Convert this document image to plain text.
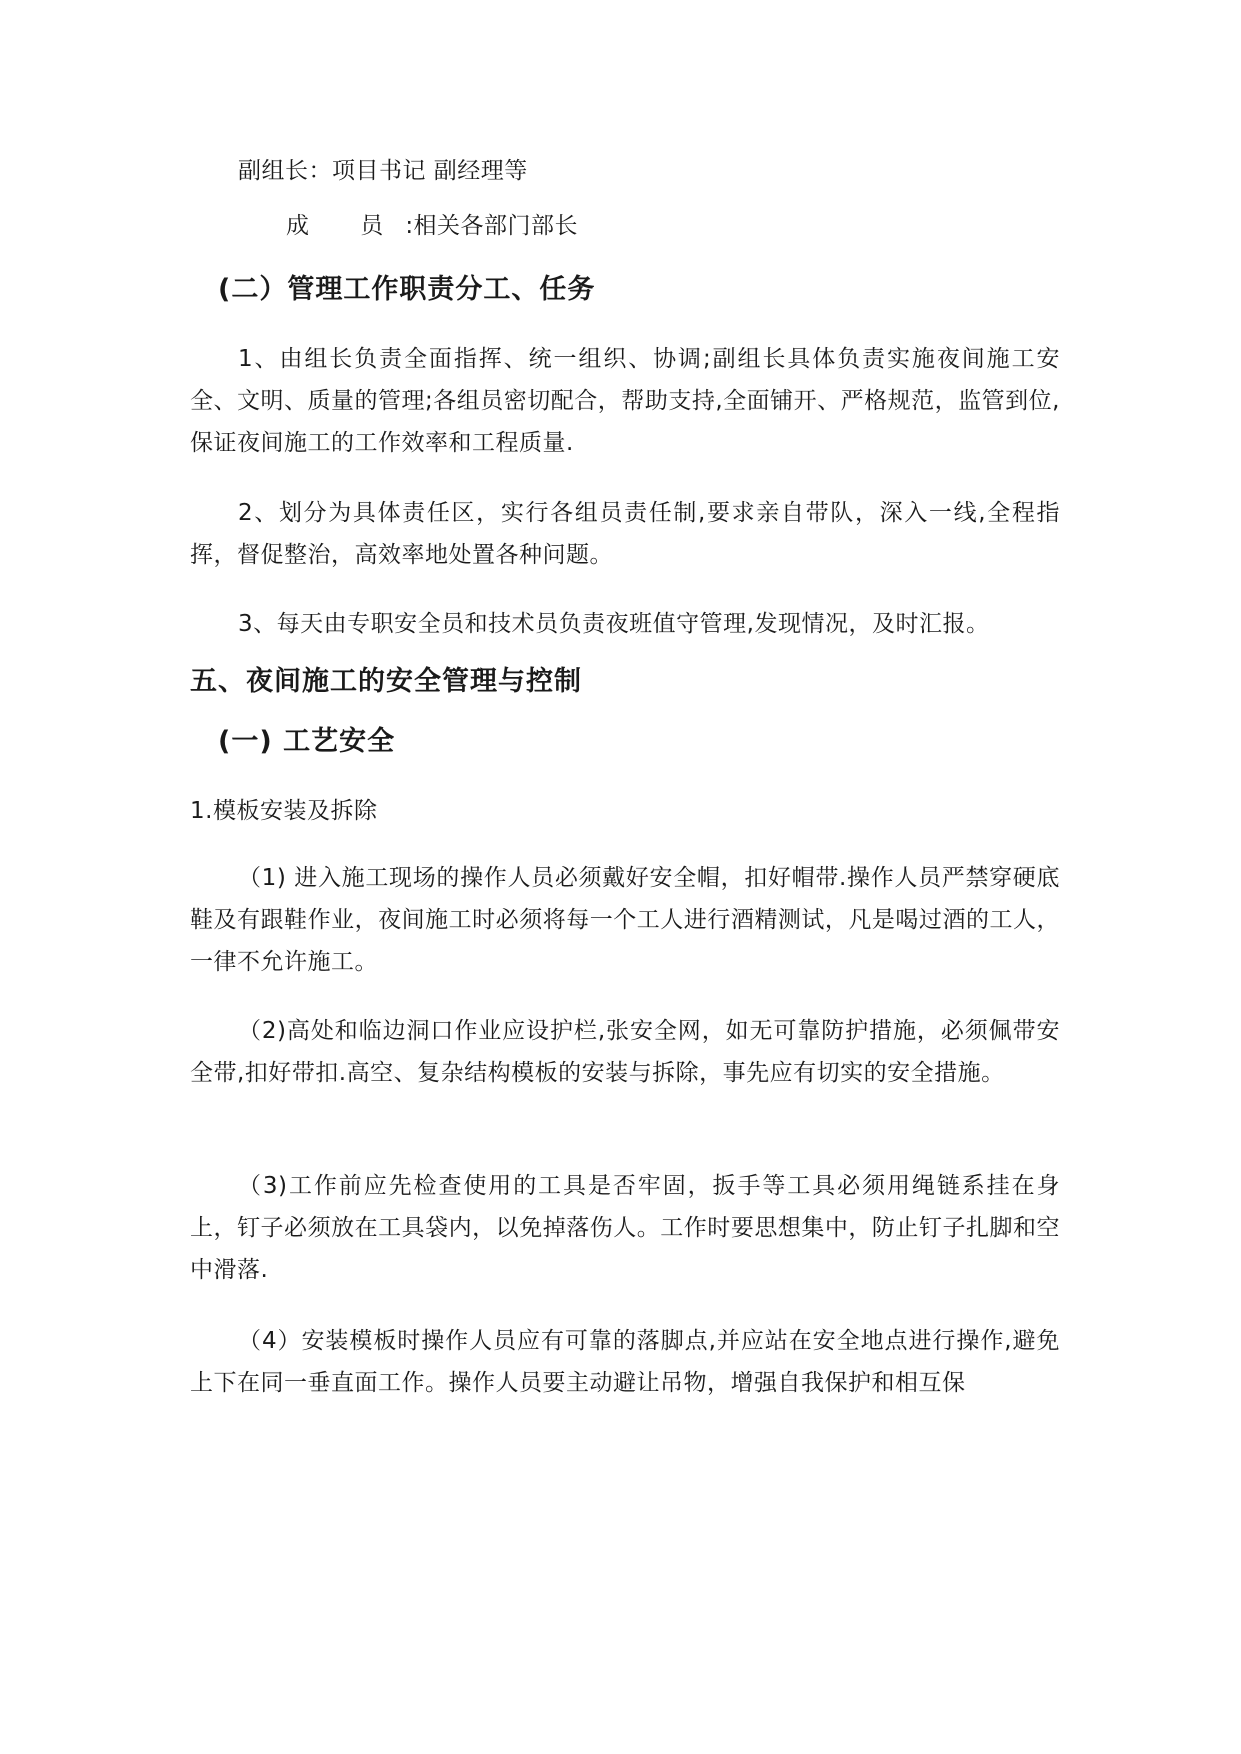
副组长：项目书记 副经理等

成 员:相关各部门部长

(二）管理工作职责分工、任务

1、由组长负责全面指挥、统一组织、协调;副组长具体负责实施夜间施工安全、文明、质量的管理;各组员密切配合，帮助支持,全面铺开、严格规范，监管到位,保证夜间施工的工作效率和工程质量.

2、划分为具体责任区，实行各组员责任制,要求亲自带队，深入一线,全程指挥，督促整治，高效率地处置各种问题。

3、每天由专职安全员和技术员负责夜班值守管理,发现情况，及时汇报。

五、夜间施工的安全管理与控制
(一) 工艺安全

1.模板安装及拆除

（1) 进入施工现场的操作人员必须戴好安全帽，扣好帽带.操作人员严禁穿硬底鞋及有跟鞋作业，夜间施工时必须将每一个工人进行酒精测试，凡是喝过酒的工人，一律不允许施工。

（2)高处和临边洞口作业应设护栏,张安全网，如无可靠防护措施，必须佩带安全带,扣好带扣.高空、复杂结构模板的安装与拆除，事先应有切实的安全措施。

（3)工作前应先检查使用的工具是否牢固，扳手等工具必须用绳链系挂在身上，钉子必须放在工具袋内，以免掉落伤人。工作时要思想集中，防止钉子扎脚和空中滑落.

（4）安装模板时操作人员应有可靠的落脚点,并应站在安全地点进行操作,避免上下在同一垂直面工作。操作人员要主动避让吊物，增强自我保护和相互保
